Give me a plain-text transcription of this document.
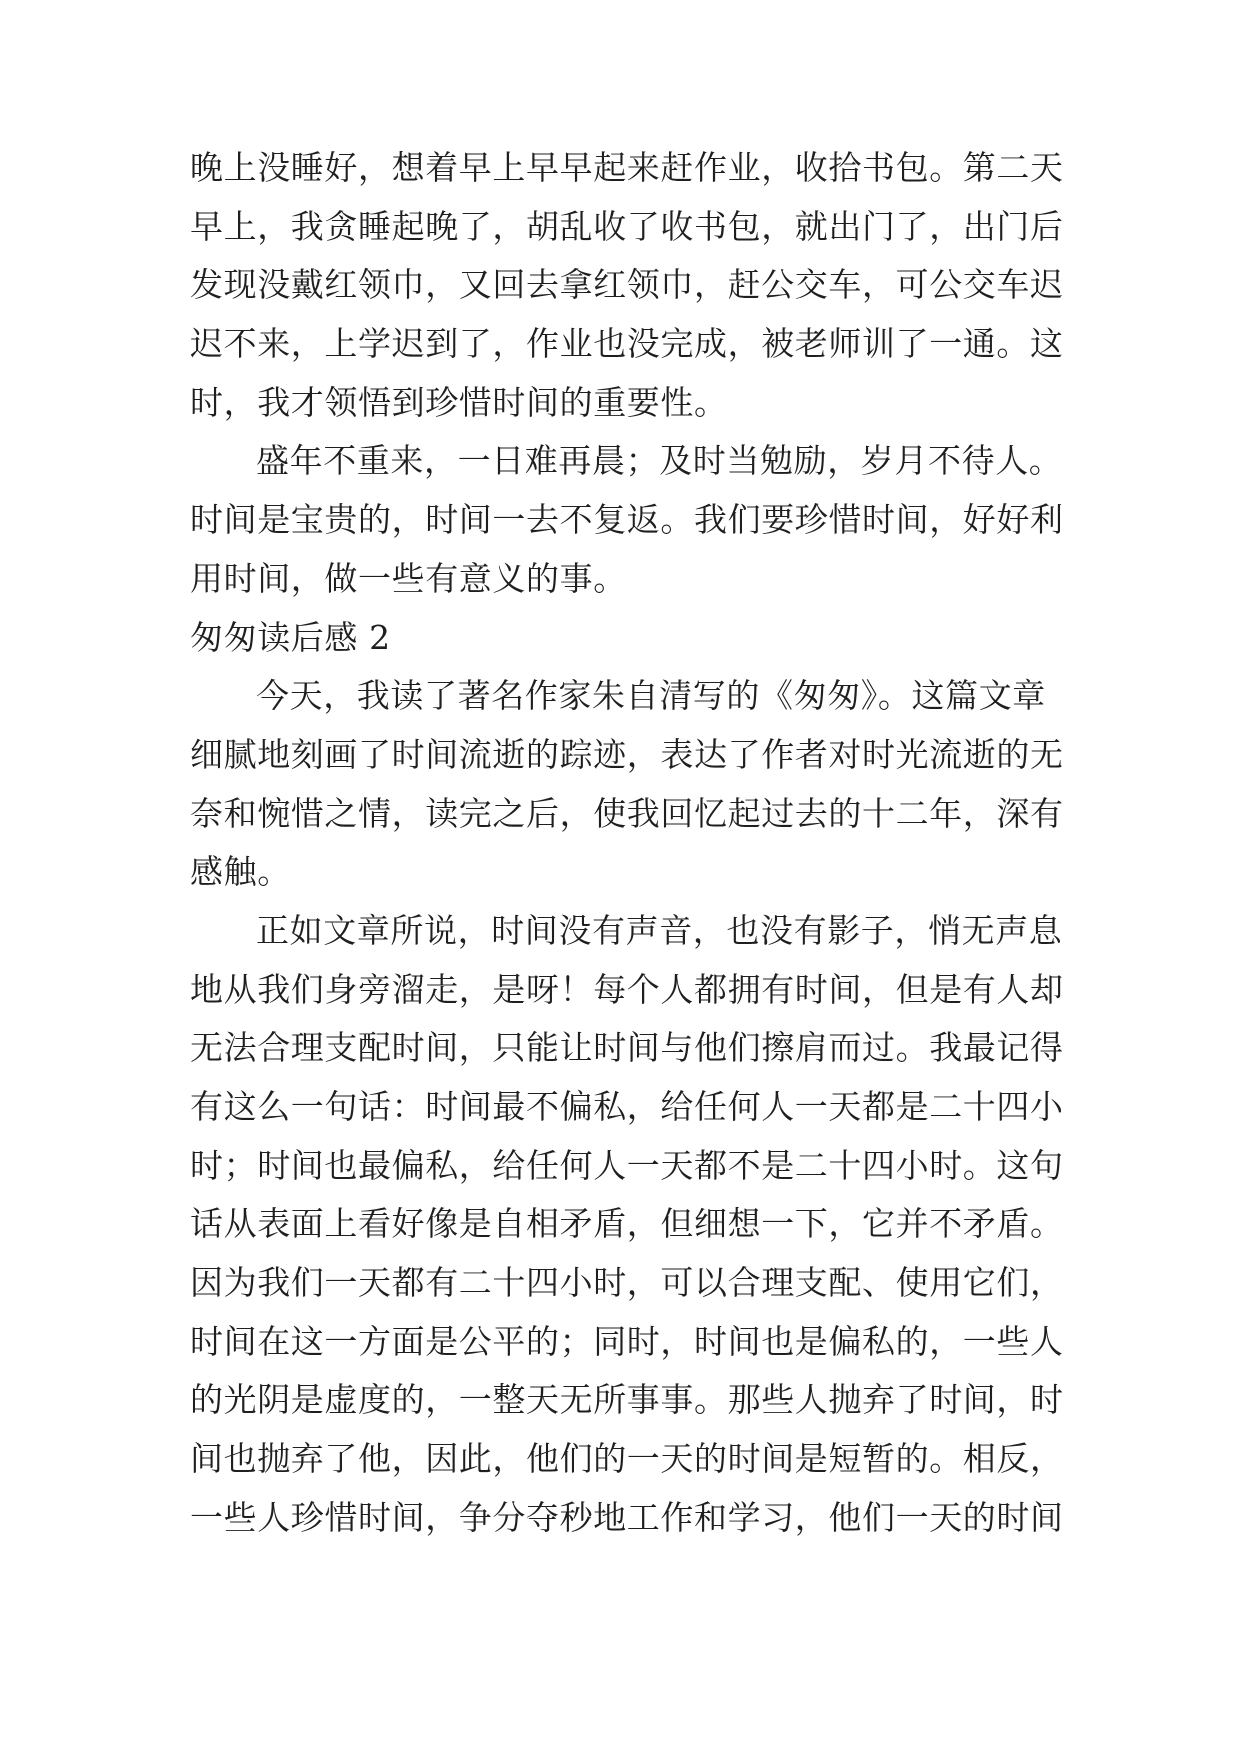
晚上没睡好，想着早上早早起来赶作业，收拾书包。第二天
早上，我贪睡起晚了，胡乱收了收书包，就出门了，出门后
发现没戴红领巾，又回去拿红领巾，赶公交车，可公交车迟
迟不来，上学迟到了，作业也没完成，被老师训了一通。这
时，我才领悟到珍惜时间的重要性。
盛年不重来，一日难再晨；及时当勉励，岁月不待人。
时间是宝贵的，时间一去不复返。我们要珍惜时间，好好利
用时间，做一些有意义的事。
匆匆读后感 2
今天，我读了著名作家朱自清写的《匆匆》。这篇文章
细腻地刻画了时间流逝的踪迹，表达了作者对时光流逝的无
奈和惋惜之情，读完之后，使我回忆起过去的十二年，深有
感触。
正如文章所说，时间没有声音，也没有影子，悄无声息
地从我们身旁溜走，是呀！每个人都拥有时间，但是有人却
无法合理支配时间，只能让时间与他们擦肩而过。我最记得
有这么一句话：时间最不偏私，给任何人一天都是二十四小
时；时间也最偏私，给任何人一天都不是二十四小时。这句
话从表面上看好像是自相矛盾，但细想一下，它并不矛盾。
因为我们一天都有二十四小时，可以合理支配、使用它们，
时间在这一方面是公平的；同时，时间也是偏私的，一些人
的光阴是虚度的，一整天无所事事。那些人抛弃了时间，时
间也抛弃了他，因此，他们的一天的时间是短暂的。相反，
一些人珍惜时间，争分夺秒地工作和学习，他们一天的时间
